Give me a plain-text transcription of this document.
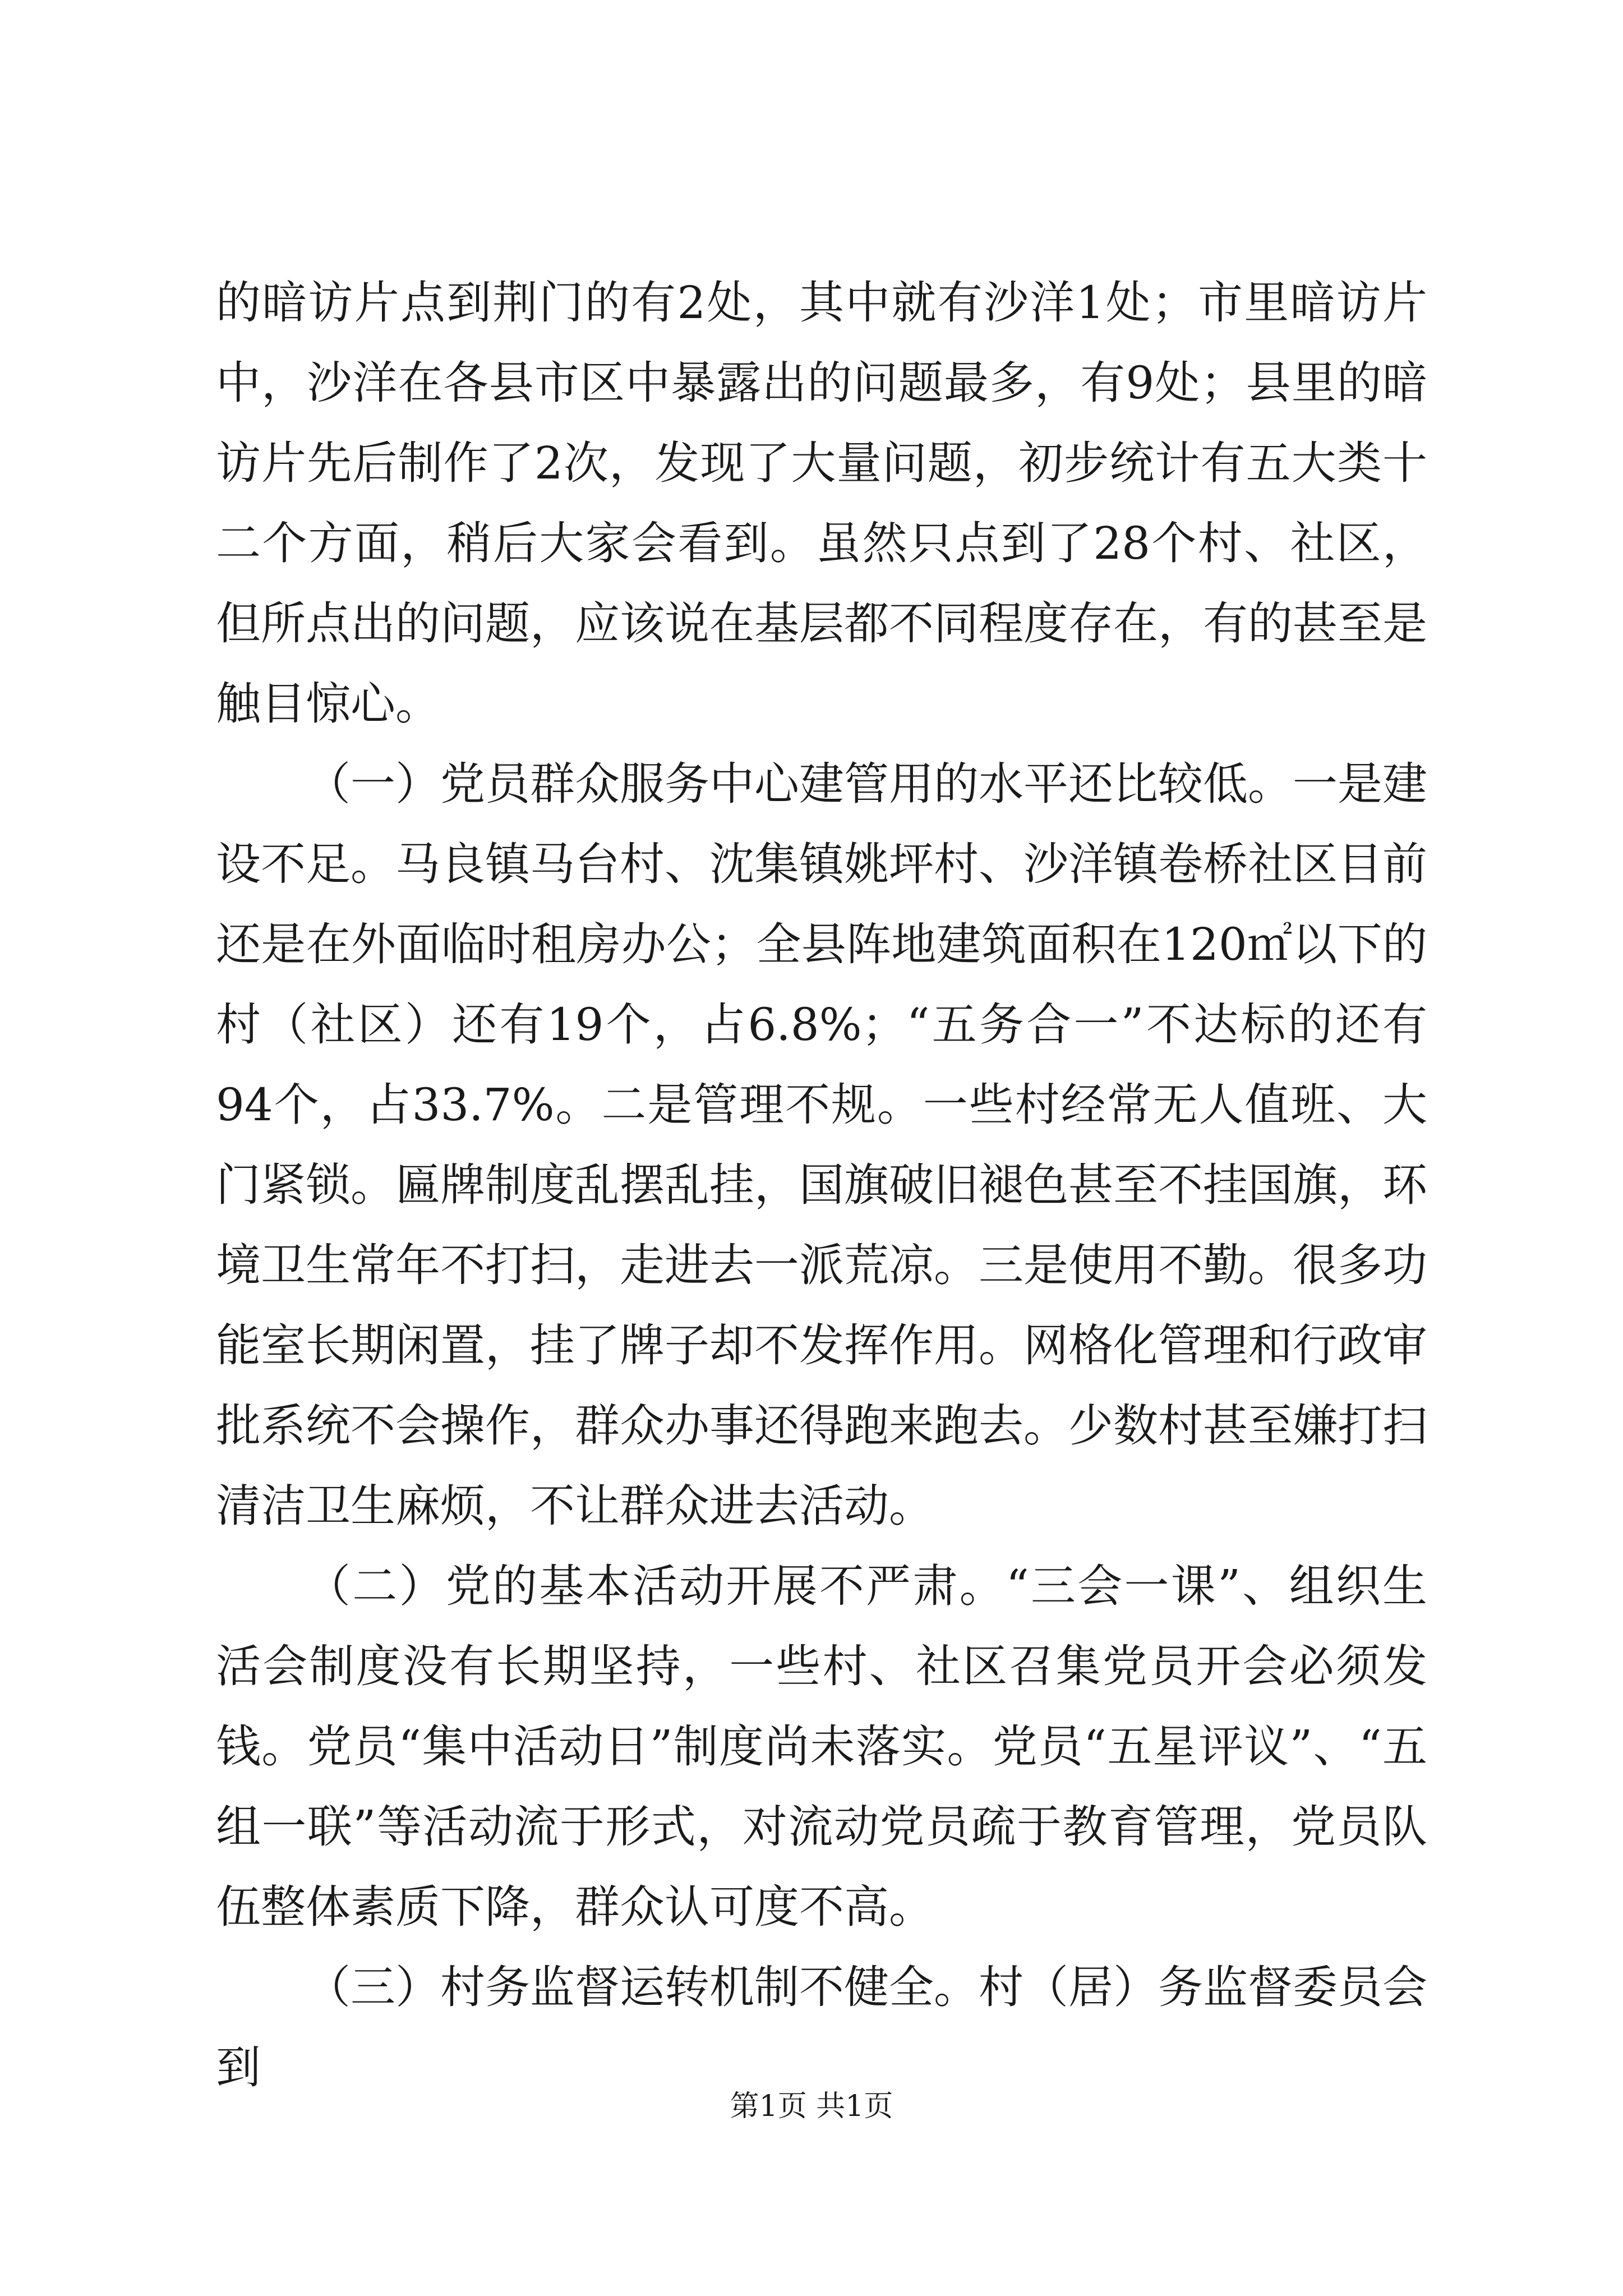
的暗访片点到荆门的有2处，其中就有沙洋1处；市里暗访片中，沙洋在各县市区中暴露出的问题最多，有9处；县里的暗访片先后制作了2次，发现了大量问题，初步统计有五大类十二个方面，稍后大家会看到。虽然只点到了28个村、社区，但所点出的问题，应该说在基层都不同程度存在，有的甚至是触目惊心。

（一）党员群众服务中心建管用的水平还比较低。一是建设不足。马良镇马台村、沈集镇姚坪村、沙洋镇卷桥社区目前还是在外面临时租房办公；全县阵地建筑面积在120㎡以下的村（社区）还有19个，占6.8%；“五务合一”不达标的还有94个，占33.7%。二是管理不规。一些村经常无人值班、大门紧锁。匾牌制度乱摆乱挂，国旗破旧褪色甚至不挂国旗，环境卫生常年不打扫，走进去一派荒凉。三是使用不勤。很多功能室长期闲置，挂了牌子却不发挥作用。网格化管理和行政审批系统不会操作，群众办事还得跑来跑去。少数村甚至嫌打扫清洁卫生麻烦，不让群众进去活动。

（二）党的基本活动开展不严肃。“三会一课”、组织生活会制度没有长期坚持，一些村、社区召集党员开会必须发钱。党员“集中活动日”制度尚未落实。党员“五星评议”、“五组一联”等活动流于形式，对流动党员疏于教育管理，党员队伍整体素质下降，群众认可度不高。

（三）村务监督运转机制不健全。村（居）务监督委员会到

第1页 共1页
